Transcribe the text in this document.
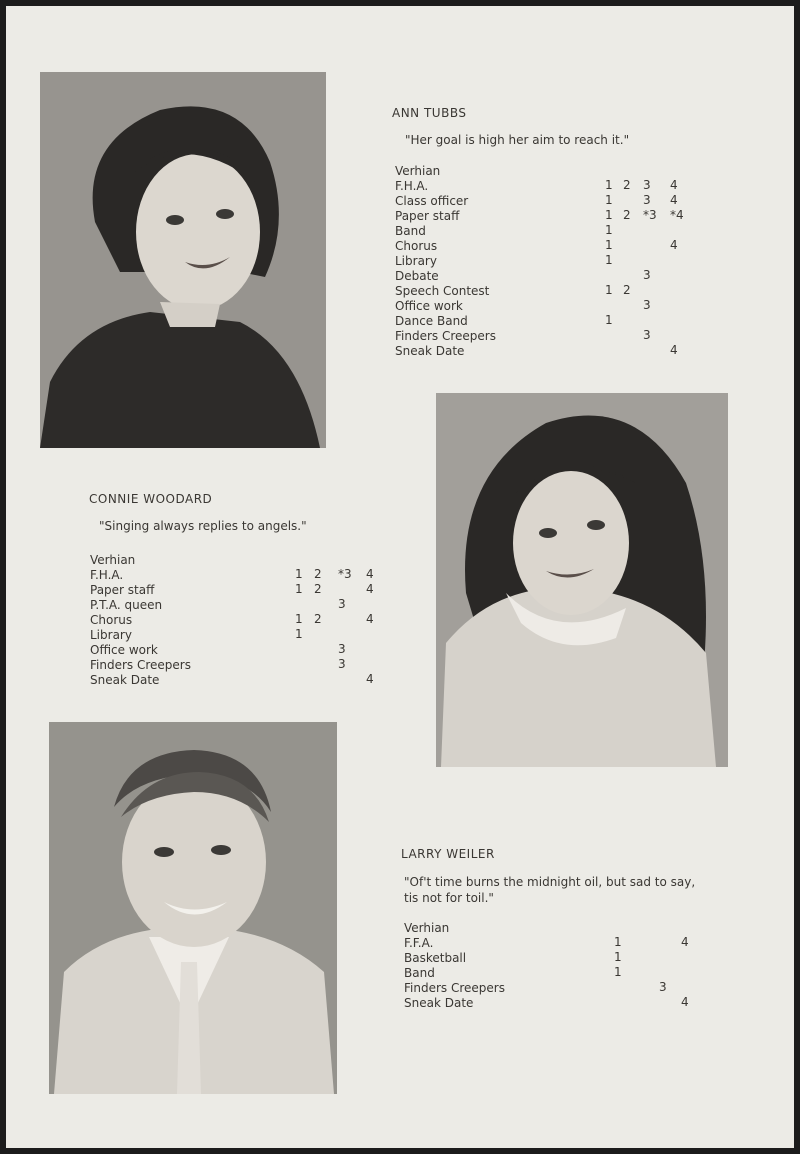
ANN TUBBS
"Her goal is high her aim to reach it."
Verhian
F.H.A.	1 2 3 4
Class officer	1	3 4
Paper staff	1 2 *3 *4
Band	1
Chorus	1	4
Library	1
Debate	3
Speech Contest	1 2
Office work	3
Dance Band	1
Finders Creepers	3
Sneak Date	4
CONNIE WOODARD
"Singing always replies to angels."
Verhian
F.H.A.	1 2 *3 4
Paper staff	1 2	4
P.T.A. queen	3
Chorus	1 2	4
Library	1
Office work	3
Finders Creepers	3
Sneak Date	4
LARRY WEILER
"Of't time burns the midnight oil, but sad to say, tis not for toil."
Verhian
F.F.A.	1	4
Basketball	1
Band	1
Finders Creepers	3
Sneak Date	4
